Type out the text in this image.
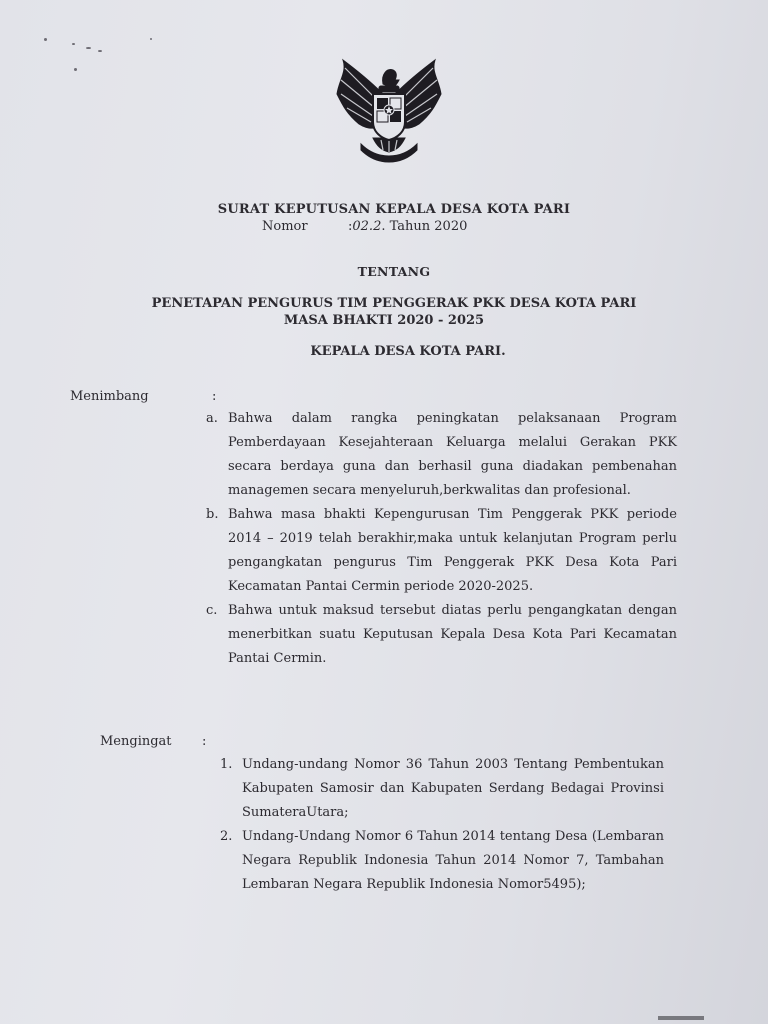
SURAT KEPUTUSAN KEPALA DESA KOTA PARI

Nomor	:02.2. Tahun 2020

TENTANG

PENETAPAN PENGURUS TIM PENGGERAK PKK DESA KOTA PARI

MASA BHAKTI 2020 - 2025

KEPALA DESA KOTA PARI.

Menimbang	:
a. Bahwa dalam rangka peningkatan pelaksanaan Program Pemberdayaan Kesejahteraan Keluarga melalui Gerakan PKK secara berdaya guna dan berhasil guna diadakan pembenahan managemen secara menyeluruh,berkwalitas dan profesional.
b. Bahwa masa bhakti Kepengurusan Tim Penggerak PKK periode 2014 – 2019 telah berakhir,maka untuk kelanjutan Program perlu pengangkatan pengurus Tim Penggerak PKK Desa Kota Pari Kecamatan Pantai Cermin periode 2020-2025.
c. Bahwa untuk maksud tersebut diatas perlu pengangkatan dengan menerbitkan suatu Keputusan Kepala Desa Kota Pari Kecamatan Pantai Cermin.
Mengingat :
1. Undang-undang Nomor 36 Tahun 2003 Tentang Pembentukan Kabupaten Samosir dan Kabupaten Serdang Bedagai Provinsi SumateraUtara;
2. Undang-Undang Nomor 6 Tahun 2014 tentang Desa (Lembaran Negara Republik Indonesia Tahun 2014 Nomor 7, Tambahan Lembaran Negara Republik Indonesia Nomor5495);
